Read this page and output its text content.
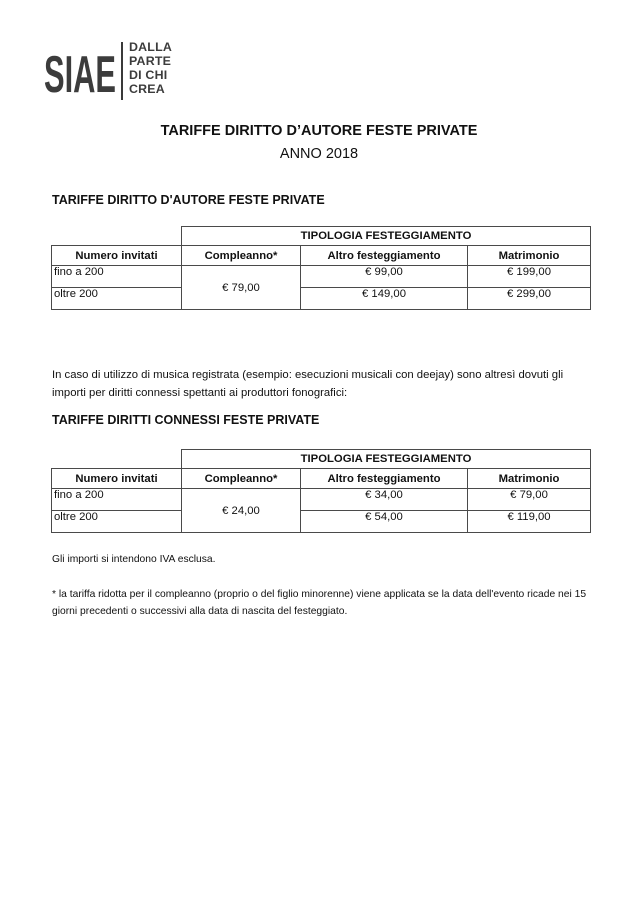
SIAE DALLA
PARTE
DI CHI
CREA
TARIFFE DIRITTO D’AUTORE FESTE PRIVATE
ANNO 2018
TARIFFE DIRITTO D'AUTORE FESTE PRIVATE
	TIPOLOGIA FESTEGGIAMENTO		
Numero invitati	Compleanno*	Altro festeggiamento	Matrimonio
fino a 200	€ 79,00	€ 99,00	€ 199,00
oltre 200		€ 149,00	€ 299,00
In caso di utilizzo di musica registrata (esempio: esecuzioni musicali con deejay) sono altresì dovuti gli importi per diritti connessi spettanti ai produttori fonografici:
TARIFFE DIRITTI CONNESSI FESTE PRIVATE
	TIPOLOGIA FESTEGGIAMENTO		
Numero invitati	Compleanno*	Altro festeggiamento	Matrimonio
fino a 200	€ 24,00	€ 34,00	€ 79,00
oltre 200		€ 54,00	€ 119,00
Gli importi si intendono IVA esclusa.
* la tariffa ridotta per il compleanno (proprio o del figlio minorenne) viene applicata se la data dell'evento ricade nei 15 giorni precedenti o successivi alla data di nascita del festeggiato.
